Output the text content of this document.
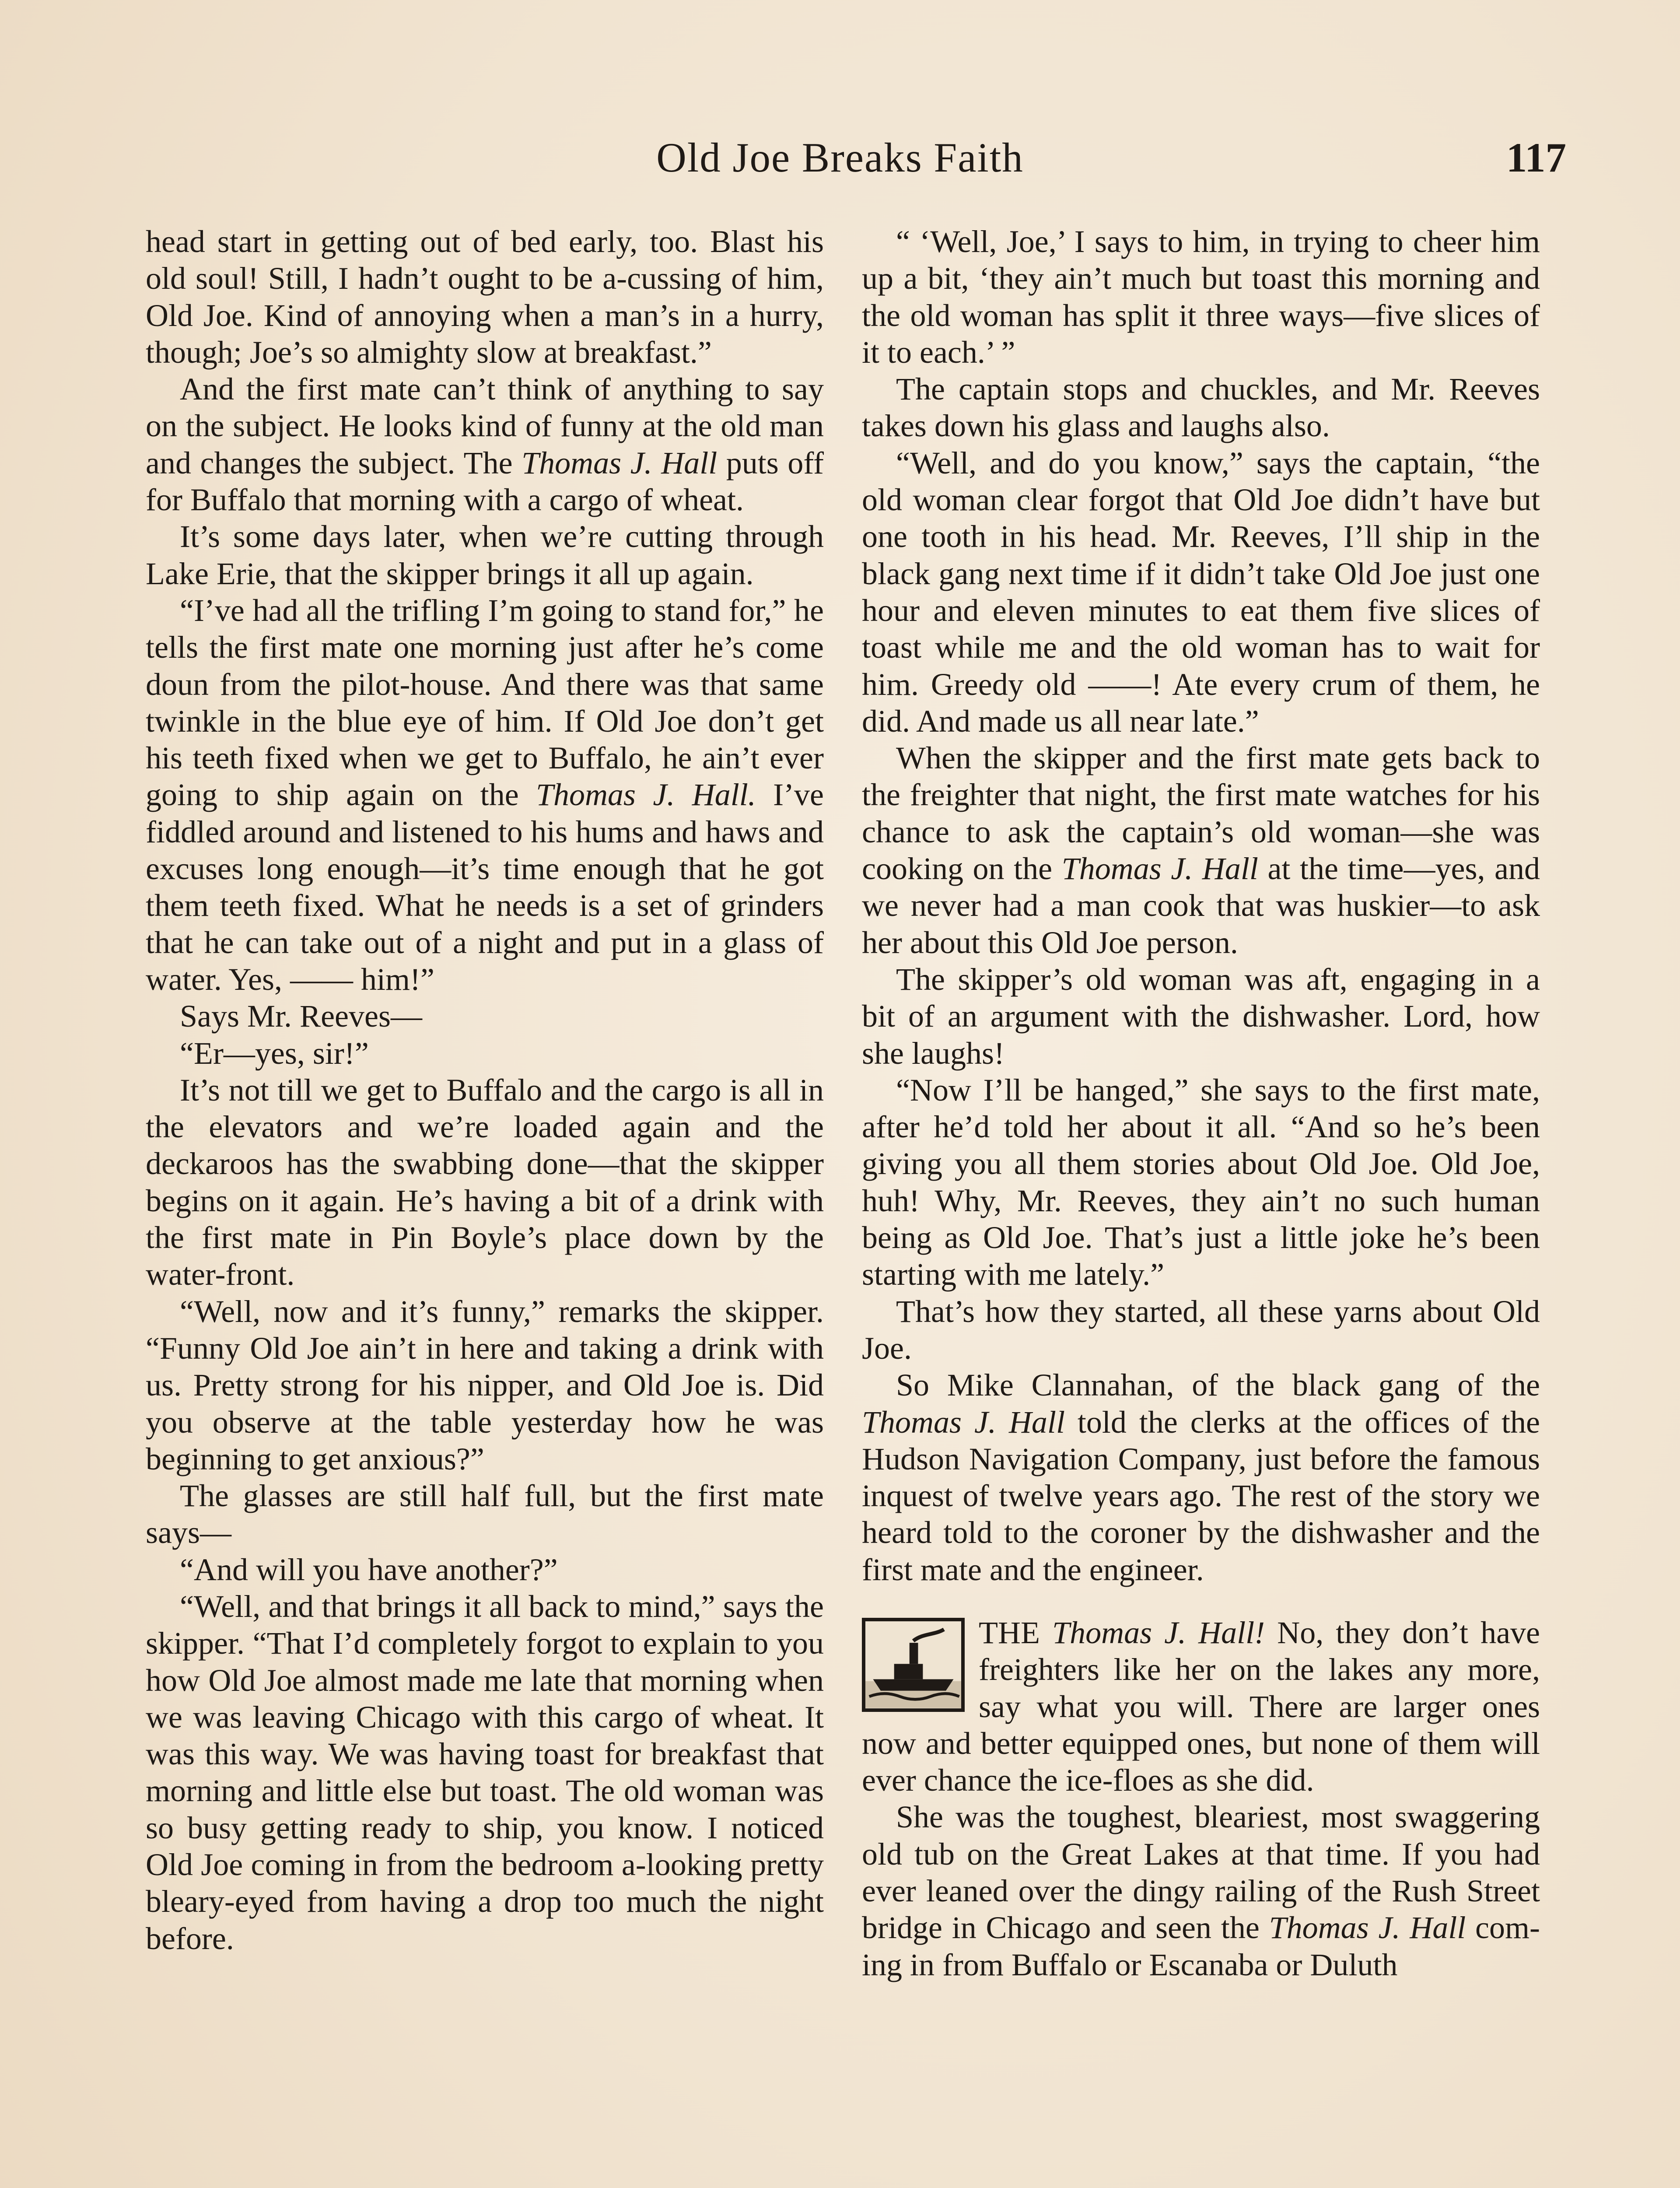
Old Joe Breaks Faith	117

head start in getting out of bed early, too. Blast his old soul! Still, I hadn’t ought to be a-cussing of him, Old Joe. Kind of annoying when a man’s in a hurry, though; Joe’s so almighty slow at breakfast.”

And the first mate can’t think of anything to say on the subject. He looks kind of funny at the old man and changes the subject. The Thomas J. Hall puts off for Buffalo that morning with a cargo of wheat.

It’s some days later, when we’re cutting through Lake Erie, that the skipper brings it all up again.

“I’ve had all the trifling I’m going to stand for,” he tells the first mate one morning just after he’s come doun from the pilot-house. And there was that same twinkle in the blue eye of him. If Old Joe don’t get his teeth fixed when we get to Buffalo, he ain’t ever going to ship again on the Thomas J. Hall. I’ve fiddled around and listened to his hums and haws and excuses long enough—it’s time enough that he got them teeth fixed. What he needs is a set of grinders that he can take out of a night and put in a glass of water. Yes, —— him!”

Says Mr. Reeves—

“Er—yes, sir!”

It’s not till we get to Buffalo and the cargo is all in the elevators and we’re loaded again and the deckaroos has the swabbing done—that the skipper begins on it again. He’s having a bit of a drink with the first mate in Pin Boyle’s place down by the water-front.

“Well, now and it’s funny,” remarks the skipper. “Funny Old Joe ain’t in here and taking a drink with us. Pretty strong for his nipper, and Old Joe is. Did you observe at the table yesterday how he was beginning to get anxious?”

The glasses are still half full, but the first mate says—

“And will you have another?”

“Well, and that brings it all back to mind,” says the skipper. “That I’d completely forgot to explain to you how Old Joe almost made me late that morning when we was leaving Chicago with this cargo of wheat. It was this way. We was having toast for breakfast that morning and little else but toast. The old woman was so busy getting ready to ship, you know. I noticed Old Joe coming in from the bedroom a-looking pretty bleary-eyed from having a drop too much the night before.

“ ‘Well, Joe,’ I says to him, in trying to cheer him up a bit, ‘they ain’t much but toast this morning and the old woman has split it three ways—five slices of it to each.’ ”

The captain stops and chuckles, and Mr. Reeves takes down his glass and laughs also.

“Well, and do you know,” says the captain, “the old woman clear forgot that Old Joe didn’t have but one tooth in his head. Mr. Reeves, I’ll ship in the black gang next time if it didn’t take Old Joe just one hour and eleven minutes to eat them five slices of toast while me and the old woman has to wait for him. Greedy old ——! Ate every crum of them, he did. And made us all near late.”

When the skipper and the first mate gets back to the freighter that night, the first mate watches for his chance to ask the captain’s old woman—she was cooking on the Thomas J. Hall at the time—yes, and we never had a man cook that was huskier—to ask her about this Old Joe person.

The skipper’s old woman was aft, engaging in a bit of an argument with the dishwasher. Lord, how she laughs!

“Now I’ll be hanged,” she says to the first mate, after he’d told her about it all. “And so he’s been giving you all them stories about Old Joe. Old Joe, huh! Why, Mr. Reeves, they ain’t no such human being as Old Joe. That’s just a little joke he’s been starting with me lately.”

That’s how they started, all these yarns about Old Joe.

So Mike Clannahan, of the black gang of the Thomas J. Hall told the clerks at the offices of the Hudson Navigation Company, just before the famous inquest of twelve years ago. The rest of the story we heard told to the coroner by the dishwasher and the first mate and the engineer.

THE Thomas J. Hall! No, they don’t have freighters like her on the lakes any more, say what you will. There are larger ones now and better equipped ones, but none of them will ever chance the ice-floes as she did.

She was the toughest, bleariest, most swaggering old tub on the Great Lakes at that time. If you had ever leaned over the dingy railing of the Rush Street bridge in Chicago and seen the Thomas J. Hall coming in from Buffalo or Escanaba or Duluth
